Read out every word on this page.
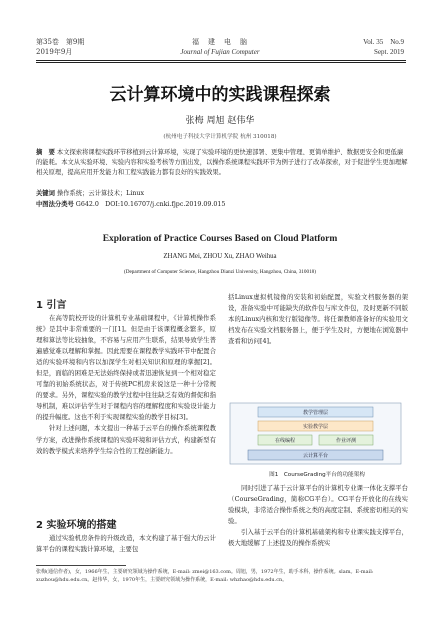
第35卷　第9期
2019年9月
福　建　电　脑
Journal of Fujian Computer
Vol. 35　No.9
Sept. 2019
云计算环境中的实践课程探索
张梅 周旭 赵伟华
(杭州电子科技大学计算机学院 杭州 310018)
摘　要 本文探索将课程实践环节移植到云计算环境，实现了实验环境的更快速部署、更集中管理、更简单维护、数据更安全和更低廉的能耗。本文从实验环境、实验内容和实验考核等方面出发，以操作系统课程实践环节为例子进行了改革探索，对于促进学生更加理解相关原理，提高应用开发能力和工程实践能力都有良好的实践效果。
关键词 操作系统；云计算技术；Linux
中图法分类号 G642.0　DOI:10.16707/j.cnki.fjpc.2019.09.015
Exploration of Practice Courses Based on Cloud Platform
ZHANG Mei, ZHOU Xu, ZHAO Weihua
(Department of Computer Science, Hangzhou Dianzi University, Hangzhou, China, 310018)
1 引言

在高等院校开设的计算机专业基础课程中，《计算机操作系统》是其中非常重要的一门[1]。但是由于该课程概念繁多，原理和算法等比较抽象，不容易与应用产生联系，结果导致学生普遍感觉难以理解和掌握。因此需要在课程教学实践环节中配置合适的实验环境和内容以加深学生对相关知识和原理的掌握[2]。但是，面临的困难是无法始终保持或者迅速恢复到一个相对稳定可靠的初始系统状态，对于传统PC机房来说这是一种十分常规的要求。另外，课程实验的教学过程中往往缺乏有效的督促和指导机制，难以评估学生对于课程内容的理解程度和实验设计能力的提升幅度。这也不利于实现课程实验的教学目标[3]。

针对上述问题，本文提出一种基于云平台的操作系统课程教学方案，改进操作系统课程的实验环境和评估方式，构建新型有效的教学模式来培养学生综合性的工程创新能力。

2 实验环境的搭建

通过实验机房条件的升级改造，本文构建了基于强大的云计算平台的课程实践计算环境，主要包

括Linux虚拟机镜像的安装和初始配置，实验文档服务器的架设，准备实验中可能缺失的软件包与库文件包，及时更新不同版本的Linux内核和发行版镜像等。将任课教师准备好的实验用文档发布在实验文档服务器上，便于学生及时，方便地在浏览器中查看和访问[4]。
教学管理层
实验教学层
在线编程	作业评测
云计算平台
图1　CourseGrading平台的功能架构

同时引进了基于云计算平台的计算机专业课一体化支撑平台（CourseGrading，简称CG平台）。CG平台开放化的在线实验模块，非常适合操作系统之类的高度定制、系统密切相关的实验。

引入基于云平台的计算机基础架构和专业课实践支撑平台，极大地缓解了上述提及的操作系统实

张梅(通信作者)，女，1966年生，主要研究领域为操作系统，E-mail: zmei@163.com。周旭，男，1972年生，助手本科，操作系统。slam。E-mail: xuzhou@hdu.edu.cn。赵伟华，女，1970年生，主要研究领域为操作系统，E-mail: whzhao@hdu.edu.cn。
